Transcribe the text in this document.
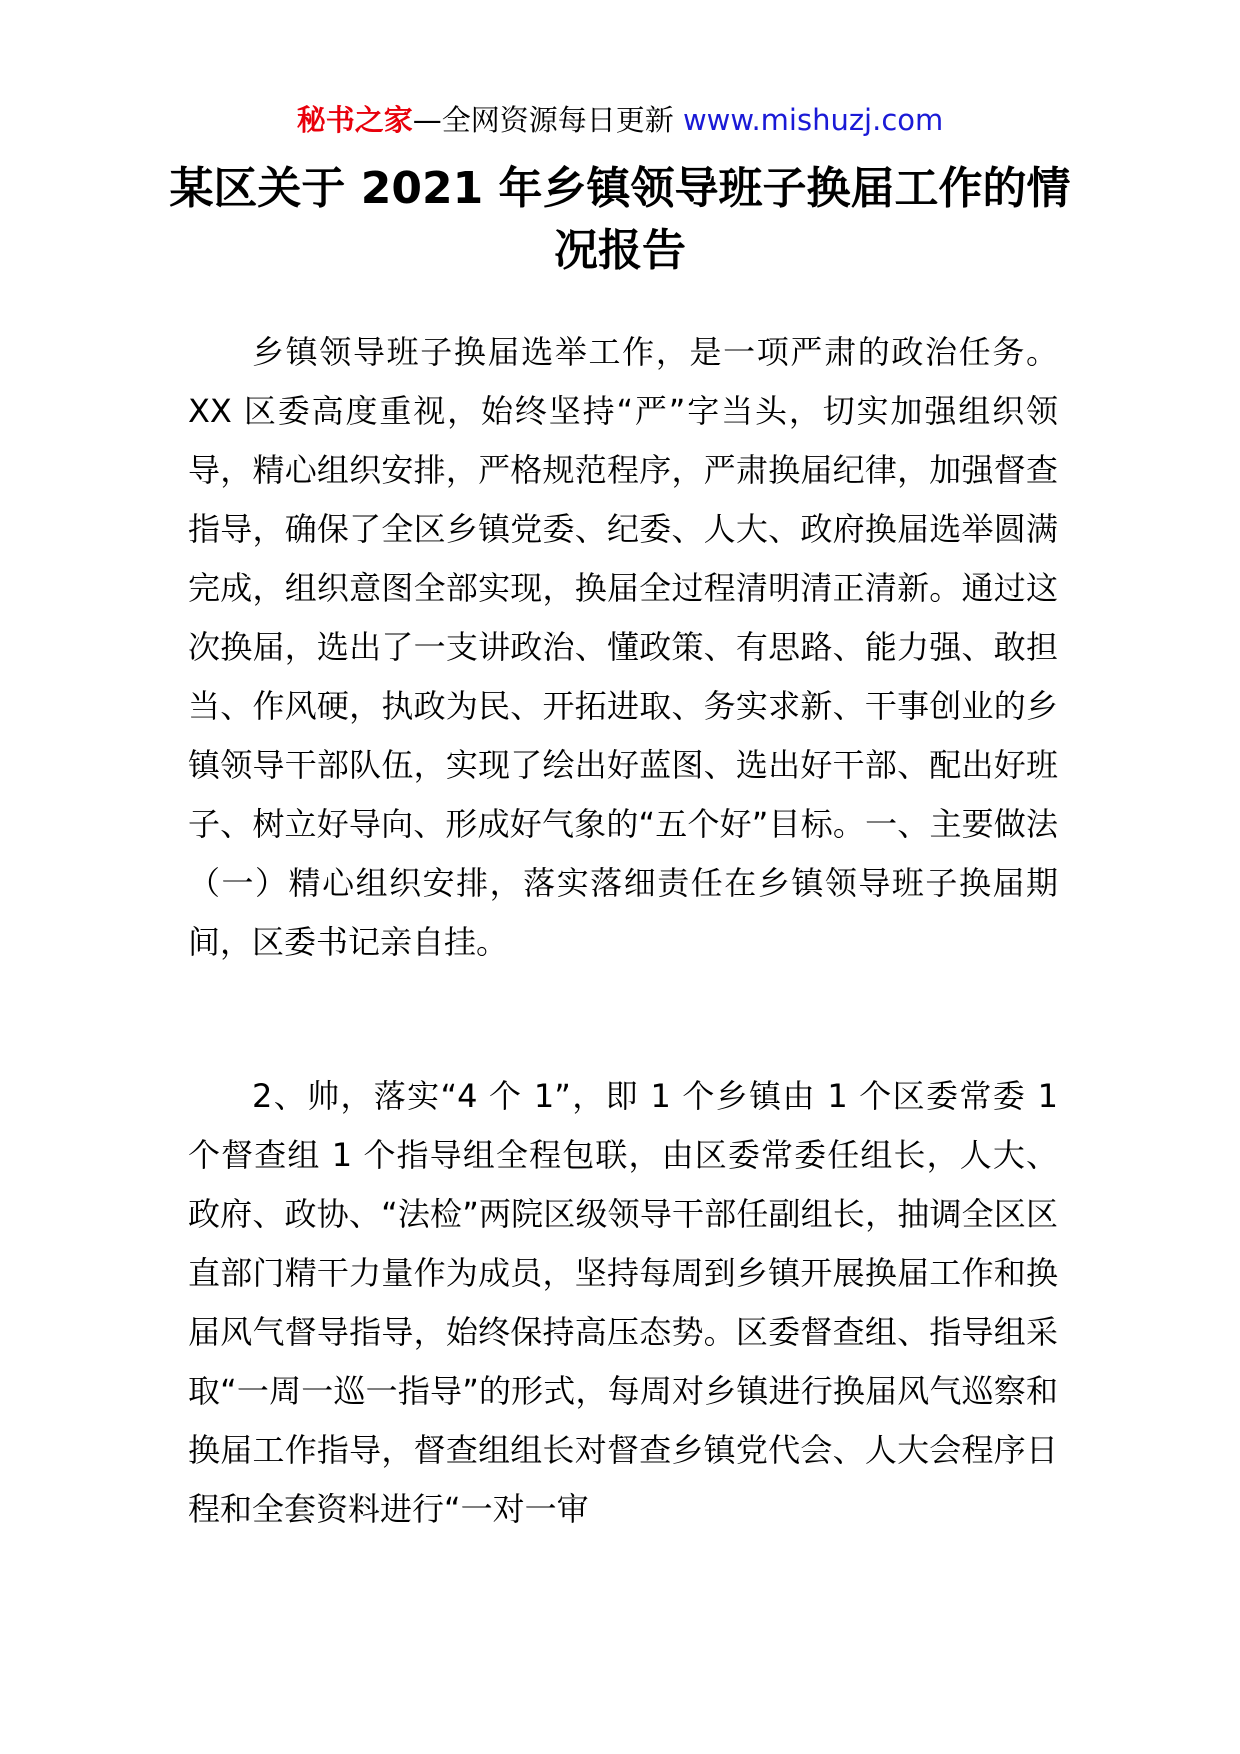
秘书之家—全网资源每日更新 www.mishuzj.com
某区关于 2021 年乡镇领导班子换届工作的情况报告

乡镇领导班子换届选举工作，是一项严肃的政治任务。XX 区委高度重视，始终坚持“严”字当头，切实加强组织领导，精心组织安排，严格规范程序，严肃换届纪律，加强督查指导，确保了全区乡镇党委、纪委、人大、政府换届选举圆满完成，组织意图全部实现，换届全过程清明清正清新。通过这次换届，选出了一支讲政治、懂政策、有思路、能力强、敢担当、作风硬，执政为民、开拓进取、务实求新、干事创业的乡镇领导干部队伍，实现了绘出好蓝图、选出好干部、配出好班子、树立好导向、形成好气象的“五个好”目标。一、主要做法（一）精心组织安排，落实落细责任在乡镇领导班子换届期间，区委书记亲自挂。

2、帅，落实“4 个 1”，即 1 个乡镇由 1 个区委常委 1 个督查组 1 个指导组全程包联，由区委常委任组长，人大、政府、政协、“法检”两院区级领导干部任副组长，抽调全区区直部门精干力量作为成员，坚持每周到乡镇开展换届工作和换届风气督导指导，始终保持高压态势。区委督查组、指导组采取“一周一巡一指导”的形式，每周对乡镇进行换届风气巡察和换届工作指导，督查组组长对督查乡镇党代会、人大会程序日程和全套资料进行“一对一审
